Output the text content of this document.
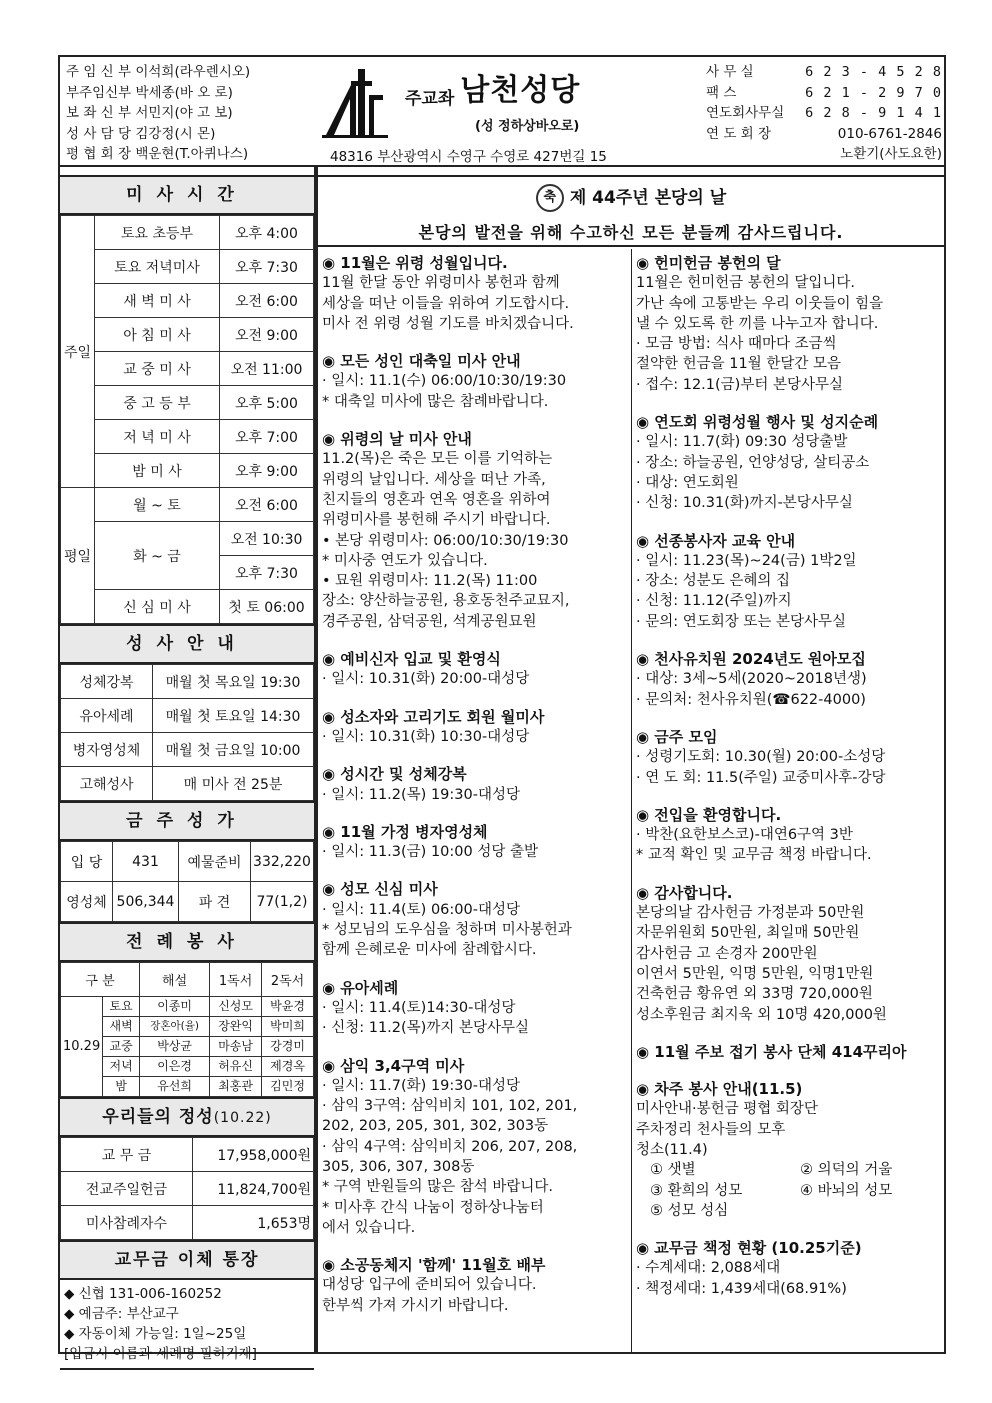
주 임 신 부 이석희(라우렌시오)
부주임신부 박세종(바 오 로)
보 좌 신 부 서민지(야 고 보)
성 사 담 당 김강정(시 몬)
평 협 회 장 백운현(T.아퀴나스)
주교좌 남천성당
(성 정하상바오로)
48316 부산광역시 수영구 수영로 427번길 15
사 무 실	6 2 3 - 4 5 2 8
팩 스	6 2 1 - 2 9 7 0
연도회사무실 6 2 8 - 9 1 4 1
연 도 회 장	010-6761-2846
노환기(사도요한)
미사시간
주일	토요 초등부	오후 4:00
	토요 저녁미사	오후 7:30
	새 벽 미 사	오전 6:00
	아 침 미 사	오전 9:00
	교 중 미 사	오전 11:00
	중 고 등 부	오후 5:00
	저 녁 미 사	오후 7:00
	밤 미 사	오후 9:00
평일	월 ~ 토	오전 6:00
	화 ~ 금	오전 10:30
		오후 7:30
	신 심 미 사	첫 토 06:00
성사안내
성체강복	매월 첫 목요일 19:30
유아세례	매월 첫 토요일 14:30
병자영성체	매월 첫 금요일 10:00
고해성사	매 미사 전 25분
금주성가
입 당	431	예물준비	332,220
영성체	506,344	파 견	77(1,2)
전례봉사
구 분		해설	1독서	2독서
10.29	토요	이종미	신성모	박윤경
	새벽	장혼아(율)	장완익	박미희
	교중	박상균	마송남	강경미
	저녁	이은경	허유신	제경옥
	밤	유선희	최홍관	김민정
우리들의 정성(10.22)
교 무 금	17,958,000원
전교주일헌금	11,824,700원
미사참례자수	1,653명
교무금 이체 통장
◆ 신협 131-006-160252
◆ 예금주: 부산교구
◆ 자동이체 가능일: 1일~25일
[입금시 이름과 세례명 필히기재]
축 제 44주년 본당의 날
본당의 발전을 위해 수고하신 모든 분들께 감사드립니다.
◉ 11월은 위령 성월입니다.

11월 한달 동안 위령미사 봉헌과 함께

세상을 떠난 이들을 위하여 기도합시다.

미사 전 위령 성월 기도를 바치겠습니다.

◉ 모든 성인 대축일 미사 안내

· 일시: 11.1(수) 06:00/10:30/19:30

* 대축일 미사에 많은 참례바랍니다.

◉ 위령의 날 미사 안내

11.2(목)은 죽은 모든 이를 기억하는

위령의 날입니다. 세상을 떠난 가족,

친지들의 영혼과 연옥 영혼을 위하여

위령미사를 봉헌해 주시기 바랍니다.

• 본당 위령미사: 06:00/10:30/19:30

* 미사중 연도가 있습니다.

• 묘원 위령미사: 11.2(목) 11:00

장소: 양산하늘공원, 용호동천주교묘지,

경주공원, 삼덕공원, 석계공원묘원

◉ 예비신자 입교 및 환영식

· 일시: 10.31(화) 20:00-대성당

◉ 성소자와 고리기도 회원 월미사

· 일시: 10.31(화) 10:30-대성당

◉ 성시간 및 성체강복

· 일시: 11.2(목) 19:30-대성당

◉ 11월 가정 병자영성체

· 일시: 11.3(금) 10:00 성당 출발

◉ 성모 신심 미사

· 일시: 11.4(토) 06:00-대성당

* 성모님의 도우심을 청하며 미사봉헌과

함께 은혜로운 미사에 참례합시다.

◉ 유아세례

· 일시: 11.4(토)14:30-대성당

· 신청: 11.2(목)까지 본당사무실

◉ 삼익 3,4구역 미사

· 일시: 11.7(화) 19:30-대성당

· 삼익 3구역: 삼익비치 101, 102, 201,

202, 203, 205, 301, 302, 303동

· 삼익 4구역: 삼익비치 206, 207, 208,

305, 306, 307, 308동

* 구역 반원들의 많은 참석 바랍니다.

* 미사후 간식 나눔이 정하상나눔터

에서 있습니다.

◉ 소공동체지 '함께' 11월호 배부

대성당 입구에 준비되어 있습니다.

한부씩 가져 가시기 바랍니다.

◉ 헌미헌금 봉헌의 달

11월은 헌미헌금 봉헌의 달입니다.

가난 속에 고통받는 우리 이웃들이 힘을

낼 수 있도록 한 끼를 나누고자 합니다.

· 모금 방법: 식사 때마다 조금씩

절약한 헌금을 11월 한달간 모음

· 접수: 12.1(금)부터 본당사무실

◉ 연도회 위령성월 행사 및 성지순례

· 일시: 11.7(화) 09:30 성당출발

· 장소: 하늘공원, 언양성당, 살티공소

· 대상: 연도회원

· 신청: 10.31(화)까지-본당사무실

◉ 선종봉사자 교육 안내

· 일시: 11.23(목)~24(금) 1박2일

· 장소: 성분도 은혜의 집

· 신청: 11.12(주일)까지

· 문의: 연도회장 또는 본당사무실

◉ 천사유치원 2024년도 원아모집

· 대상: 3세~5세(2020~2018년생)

· 문의처: 천사유치원(☎622-4000)

◉ 금주 모임

· 성령기도회: 10.30(월) 20:00-소성당

· 연 도 회: 11.5(주일) 교중미사후-강당

◉ 전입을 환영합니다.

· 박찬(요한보스코)-대연6구역 3반

* 교적 확인 및 교무금 책정 바랍니다.

◉ 감사합니다.

본당의날 감사헌금 가정분과 50만원

자문위원회 50만원, 최일매 50만원

감사헌금 고 손경자 200만원

이연서 5만원, 익명 5만원, 익명1만원

건축헌금 황유연 외 33명 720,000원

성소후원금 최지욱 외 10명 420,000원

◉ 11월 주보 접기 봉사 단체 414꾸리아
◉ 차주 봉사 안내(11.5)

미사안내·봉헌금 평협 회장단

주차정리 천사들의 모후

청소(11.4)

① 샛별	② 의덕의 거울
③ 환희의 성모	④ 바뇌의 성모
⑤ 성모 성심
◉ 교무금 책정 현황 (10.25기준)

· 수계세대: 2,088세대

· 책정세대: 1,439세대(68.91%)
